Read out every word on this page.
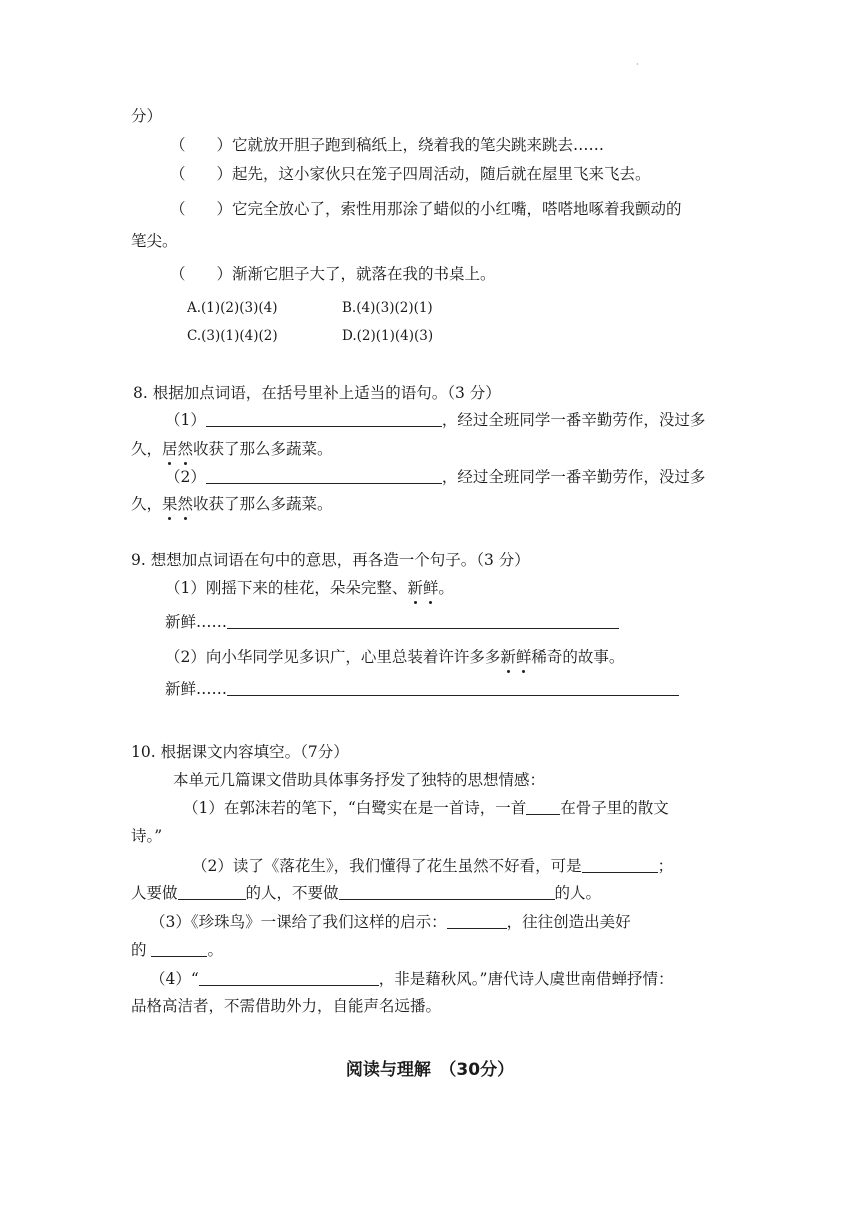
·
分）
（　　）它就放开胆子跑到稿纸上，绕着我的笔尖跳来跳去……
（　　）起先，这小家伙只在笼子四周活动，随后就在屋里飞来飞去。
（　　）它完全放心了，索性用那涂了蜡似的小红嘴，嗒嗒地啄着我颤动的
笔尖。
（　　）渐渐它胆子大了，就落在我的书桌上。
A.(1)(2)(3)(4)	B.(4)(3)(2)(1)
C.(3)(1)(4)(2)	D.(2)(1)(4)(3)
8. 根据加点词语，在括号里补上适当的语句。（3 分）
（1）	，经过全班同学一番辛勤劳作，没过多
久，居然收获了那么多蔬菜。
（2）	，经过全班同学一番辛勤劳作，没过多
久，果然收获了那么多蔬菜。
9. 想想加点词语在句中的意思，再各造一个句子。（3 分）
（1）刚摇下来的桂花，朵朵完整、新鲜。
新鲜……
（2）向小华同学见多识广，心里总装着许许多多新鲜稀奇的故事。
新鲜……
10. 根据课文内容填空。（7分）
本单元几篇课文借助具体事务抒发了独特的思想情感：
（1）在郭沫若的笔下，“白鹭实在是一首诗，一首 在骨子里的散文
诗。”
（2）读了《落花生》，我们懂得了花生虽然不好看，可是	；
人要做	的人，不要做	的人。
（3）《珍珠鸟》一课给了我们这样的启示：	，往往创造出美好
的	。
（4）“	，非是藉秋风。”唐代诗人虞世南借蝉抒情：
品格高洁者，不需借助外力，自能声名远播。
阅读与理解　（30分）
